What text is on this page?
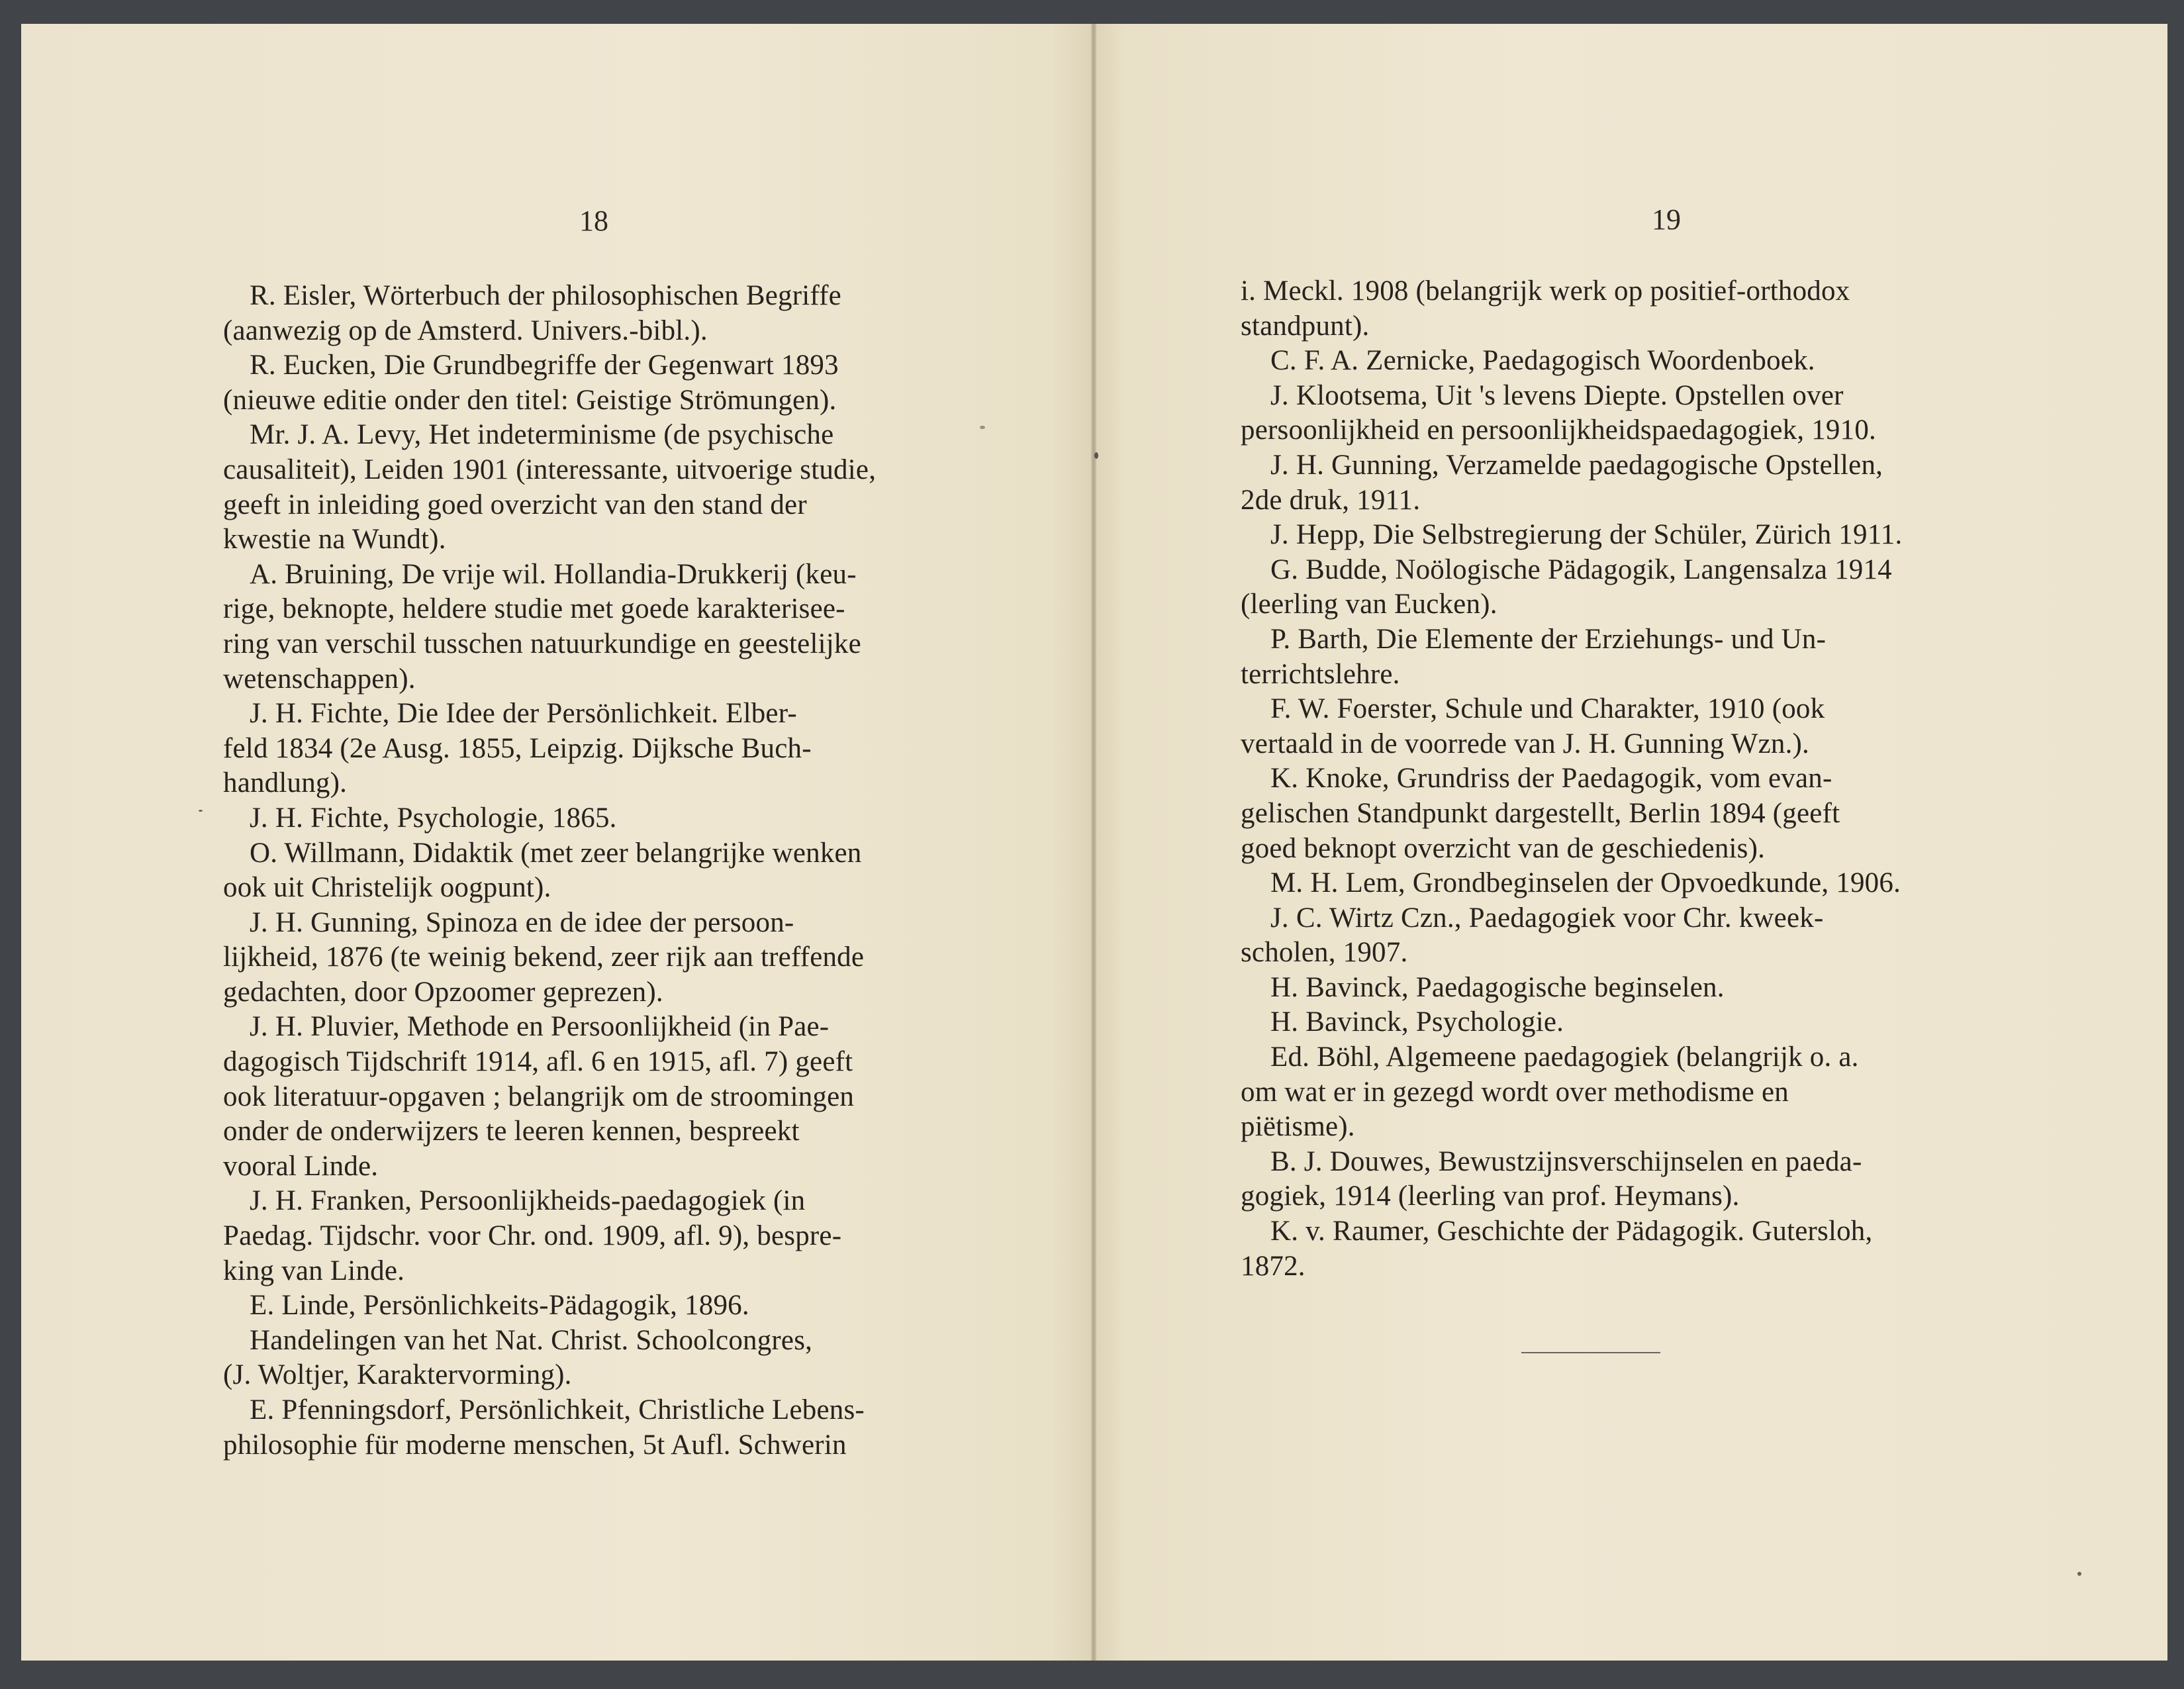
18
R. Eisler, Wörterbuch der philosophischen Begriffe
(aanwezig op de Amsterd. Univers.-bibl.).
R. Eucken, Die Grundbegriffe der Gegenwart 1893
(nieuwe editie onder den titel: Geistige Strömungen).
Mr. J. A. Levy, Het indeterminisme (de psychische
causaliteit), Leiden 1901 (interessante, uitvoerige studie,
geeft in inleiding goed overzicht van den stand der
kwestie na Wundt).
A. Bruining, De vrije wil. Hollandia-Drukkerij (keu-
rige, beknopte, heldere studie met goede karakterisee-
ring van verschil tusschen natuurkundige en geestelijke
wetenschappen).
J. H. Fichte, Die Idee der Persönlichkeit. Elber-
feld 1834 (2e Ausg. 1855, Leipzig. Dijksche Buch-
handlung).
J. H. Fichte, Psychologie, 1865.
O. Willmann, Didaktik (met zeer belangrijke wenken
ook uit Christelijk oogpunt).
J. H. Gunning, Spinoza en de idee der persoon-
lijkheid, 1876 (te weinig bekend, zeer rijk aan treffende
gedachten, door Opzoomer geprezen).
J. H. Pluvier, Methode en Persoonlijkheid (in Pae-
dagogisch Tijdschrift 1914, afl. 6 en 1915, afl. 7) geeft
ook literatuur-opgaven ; belangrijk om de stroomingen
onder de onderwijzers te leeren kennen, bespreekt
vooral Linde.
J. H. Franken, Persoonlijkheids-paedagogiek (in
Paedag. Tijdschr. voor Chr. ond. 1909, afl. 9), bespre-
king van Linde.
E. Linde, Persönlichkeits-Pädagogik, 1896.
Handelingen van het Nat. Christ. Schoolcongres,
(J. Woltjer, Karaktervorming).
E. Pfenningsdorf, Persönlichkeit, Christliche Lebens-
philosophie für moderne menschen, 5t Aufl. Schwerin
19
i. Meckl. 1908 (belangrijk werk op positief-orthodox
standpunt).
C. F. A. Zernicke, Paedagogisch Woordenboek.
J. Klootsema, Uit 's levens Diepte. Opstellen over
persoonlijkheid en persoonlijkheidspaedagogiek, 1910.
J. H. Gunning, Verzamelde paedagogische Opstellen,
2de druk, 1911.
J. Hepp, Die Selbstregierung der Schüler, Zürich 1911.
G. Budde, Noölogische Pädagogik, Langensalza 1914
(leerling van Eucken).
P. Barth, Die Elemente der Erziehungs- und Un-
terrichtslehre.
F. W. Foerster, Schule und Charakter, 1910 (ook
vertaald in de voorrede van J. H. Gunning Wzn.).
K. Knoke, Grundriss der Paedagogik, vom evan-
gelischen Standpunkt dargestellt, Berlin 1894 (geeft
goed beknopt overzicht van de geschiedenis).
M. H. Lem, Grondbeginselen der Opvoedkunde, 1906.
J. C. Wirtz Czn., Paedagogiek voor Chr. kweek-
scholen, 1907.
H. Bavinck, Paedagogische beginselen.
H. Bavinck, Psychologie.
Ed. Böhl, Algemeene paedagogiek (belangrijk o. a.
om wat er in gezegd wordt over methodisme en
piëtisme).
B. J. Douwes, Bewustzijnsverschijnselen en paeda-
gogiek, 1914 (leerling van prof. Heymans).
K. v. Raumer, Geschichte der Pädagogik. Gutersloh,
1872.
